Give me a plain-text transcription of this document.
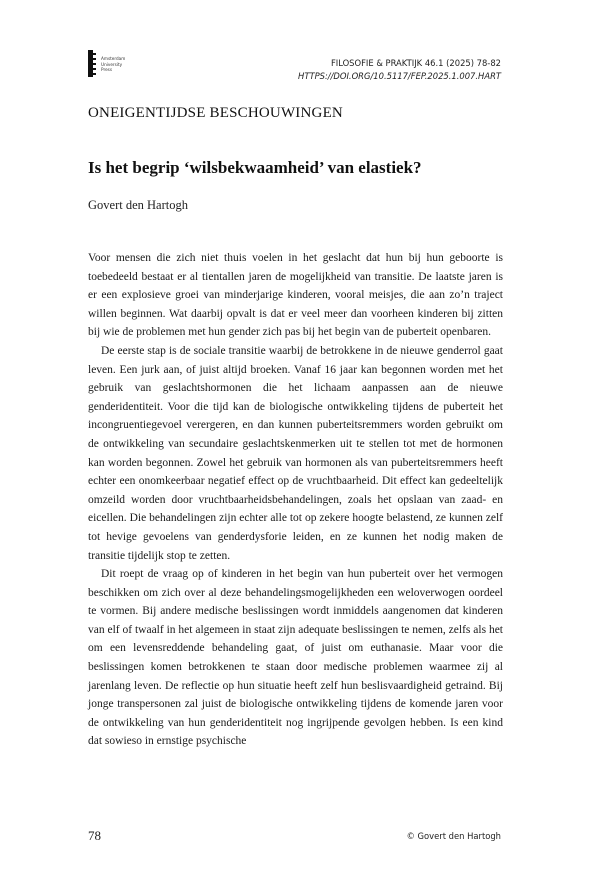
Amsterdam
University
Press
FILOSOFIE & PRAKTIJK 46.1 (2025) 78-82
HTTPS://DOI.ORG/10.5117/FEP.2025.1.007.HART
ONEIGENTIJDSE BESCHOUWINGEN
Is het begrip ‘wilsbekwaamheid’ van elastiek?
Govert den Hartogh

Voor mensen die zich niet thuis voelen in het geslacht dat hun bij hun geboorte is toebedeeld bestaat er al tientallen jaren de mogelijkheid van transitie. De laatste jaren is er een explosieve groei van minderjarige kinderen, vooral meisjes, die aan zo’n traject willen beginnen. Wat daarbij opvalt is dat er veel meer dan voorheen kinderen bij zitten bij wie de problemen met hun gender zich pas bij het begin van de puberteit openbaren.

De eerste stap is de sociale transitie waarbij de betrokkene in de nieuwe genderrol gaat leven. Een jurk aan, of juist altijd broeken. Vanaf 16 jaar kan begonnen worden met het gebruik van geslachtshormonen die het lichaam aanpassen aan de nieuwe genderidentiteit. Voor die tijd kan de biologische ontwikkeling tijdens de puberteit het incongruentiegevoel verergeren, en dan kunnen puberteitsremmers worden gebruikt om de ontwikkeling van secundaire geslachtskenmerken uit te stellen tot met de hormonen kan worden begonnen. Zowel het gebruik van hormonen als van puberteitsremmers heeft echter een onomkeerbaar negatief effect op de vruchtbaarheid. Dit effect kan gedeeltelijk omzeild worden door vruchtbaarheidsbehandelingen, zoals het opslaan van zaad- en eicellen. Die behandelingen zijn echter alle tot op zekere hoogte belastend, ze kunnen zelf tot hevige gevoelens van genderdysforie leiden, en ze kunnen het nodig maken de transitie tijdelijk stop te zetten.

Dit roept de vraag op of kinderen in het begin van hun puberteit over het vermogen beschikken om zich over al deze behandelingsmogelijkheden een weloverwogen oordeel te vormen. Bij andere medische beslissingen wordt inmiddels aangenomen dat kinderen van elf of twaalf in het algemeen in staat zijn adequate beslissingen te nemen, zelfs als het om een levensreddende behandeling gaat, of juist om euthanasie. Maar voor die beslissingen komen betrokkenen te staan door medische problemen waarmee zij al jarenlang leven. De reflectie op hun situatie heeft zelf hun beslisvaardigheid getraind. Bij jonge transpersonen zal juist de biologische ontwikkeling tijdens de komende jaren voor de ontwikkeling van hun genderidentiteit nog ingrijpende gevolgen hebben. Is een kind dat sowieso in ernstige psychische

78	© Govert den Hartogh
